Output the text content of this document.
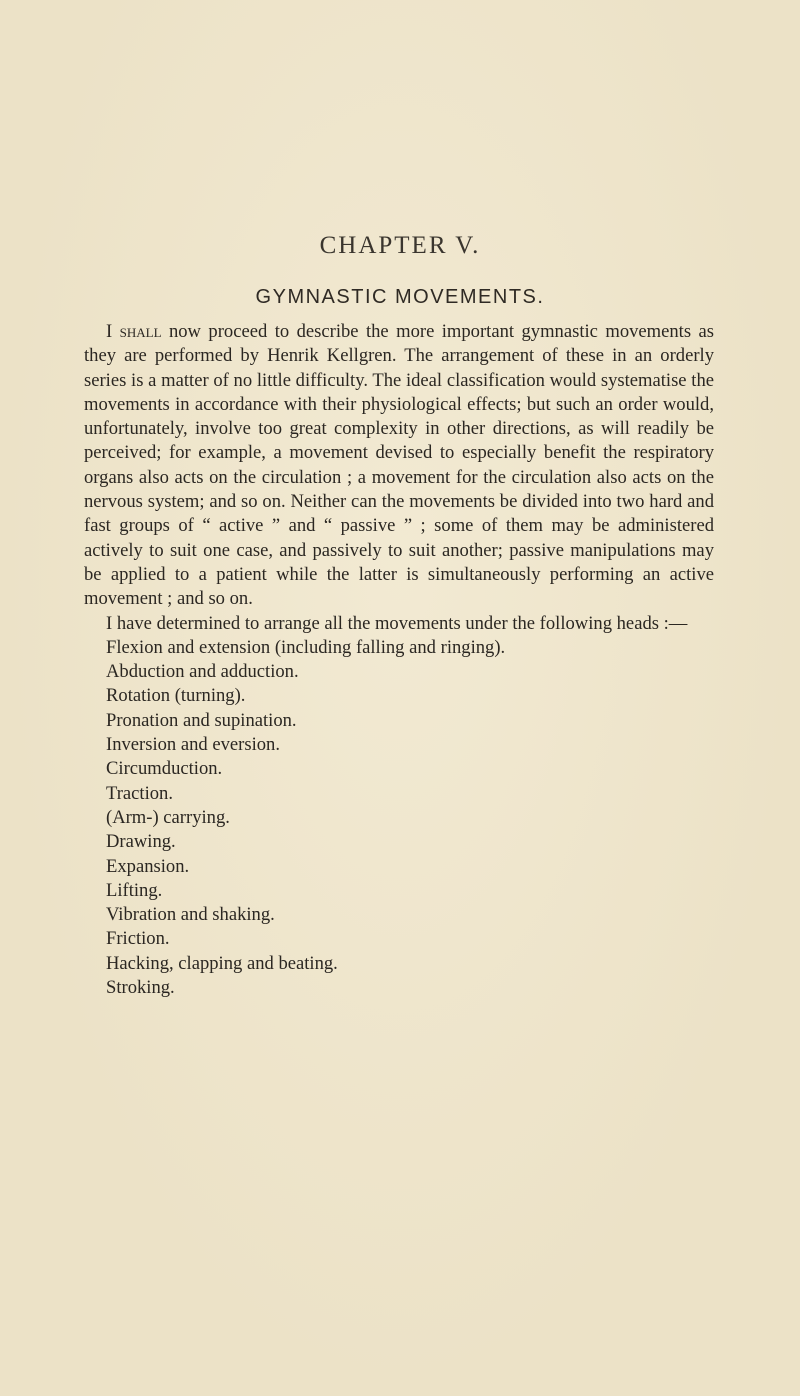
CHAPTER V.
GYMNASTIC MOVEMENTS.

I shall now proceed to describe the more important gymnastic movements as they are performed by Henrik Kellgren. The arrangement of these in an orderly series is a matter of no little difficulty. The ideal classification would systematise the movements in accordance with their physiological effects; but such an order would, unfortunately, involve too great complexity in other directions, as will readily be perceived; for example, a movement devised to especially benefit the respiratory organs also acts on the circulation ; a movement for the circulation also acts on the nervous system; and so on. Neither can the movements be divided into two hard and fast groups of “ active ” and “ passive ” ; some of them may be administered actively to suit one case, and passively to suit another; passive manipulations may be applied to a patient while the latter is simultaneously performing an active movement ; and so on.

I have determined to arrange all the movements under the following heads :—

Flexion and extension (including falling and ringing).
Abduction and adduction.
Rotation (turning).
Pronation and supination.
Inversion and eversion.
Circumduction.
Traction.
(Arm-) carrying.
Drawing.
Expansion.
Lifting.
Vibration and shaking.
Friction.
Hacking, clapping and beating.
Stroking.
